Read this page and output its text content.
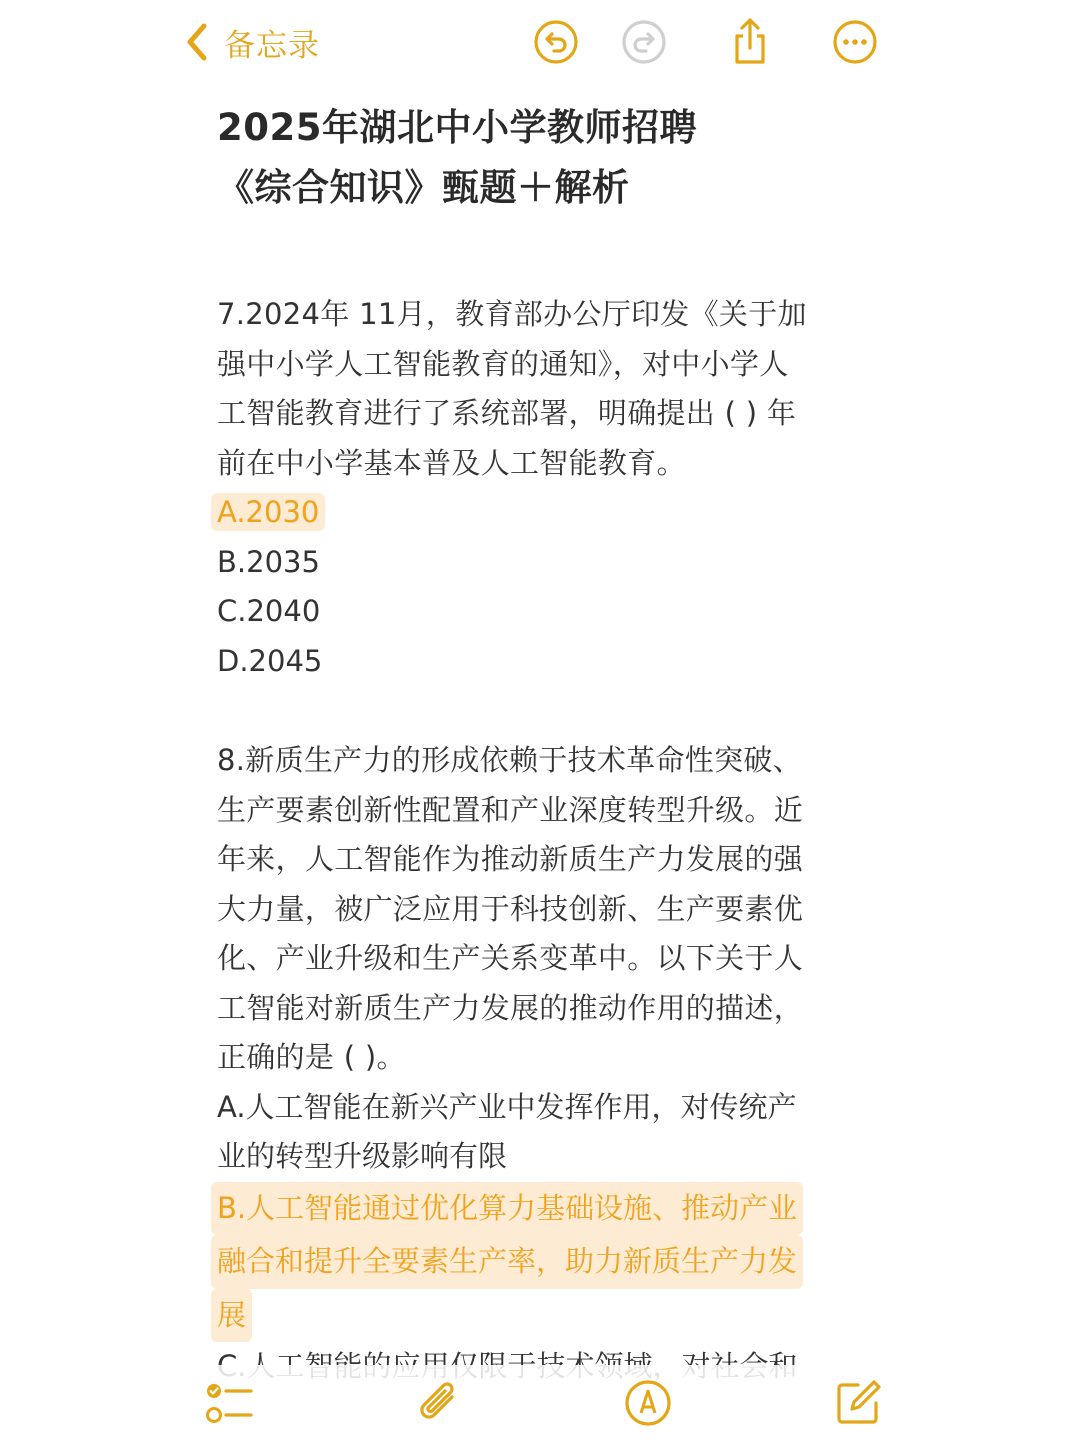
备忘录
2025年湖北中小学教师招聘
《综合知识》甄题＋解析
7.2024年 11月，教育部办公厅印发《关于加
强中小学人工智能教育的通知》，对中小学人
工智能教育进行了系统部署，明确提出 ( ) 年
前在中小学基本普及人工智能教育。
A.2030
B.2035
C.2040
D.2045
8.新质生产力的形成依赖于技术革命性突破、
生产要素创新性配置和产业深度转型升级。近
年来，人工智能作为推动新质生产力发展的强
大力量，被广泛应用于科技创新、生产要素优
化、产业升级和生产关系变革中。以下关于人
工智能对新质生产力发展的推动作用的描述，
正确的是 ( )。
A.人工智能在新兴产业中发挥作用，对传统产
业的转型升级影响有限
B.人工智能通过优化算力基础设施、推动产业
融合和提升全要素生产率，助力新质生产力发
展
